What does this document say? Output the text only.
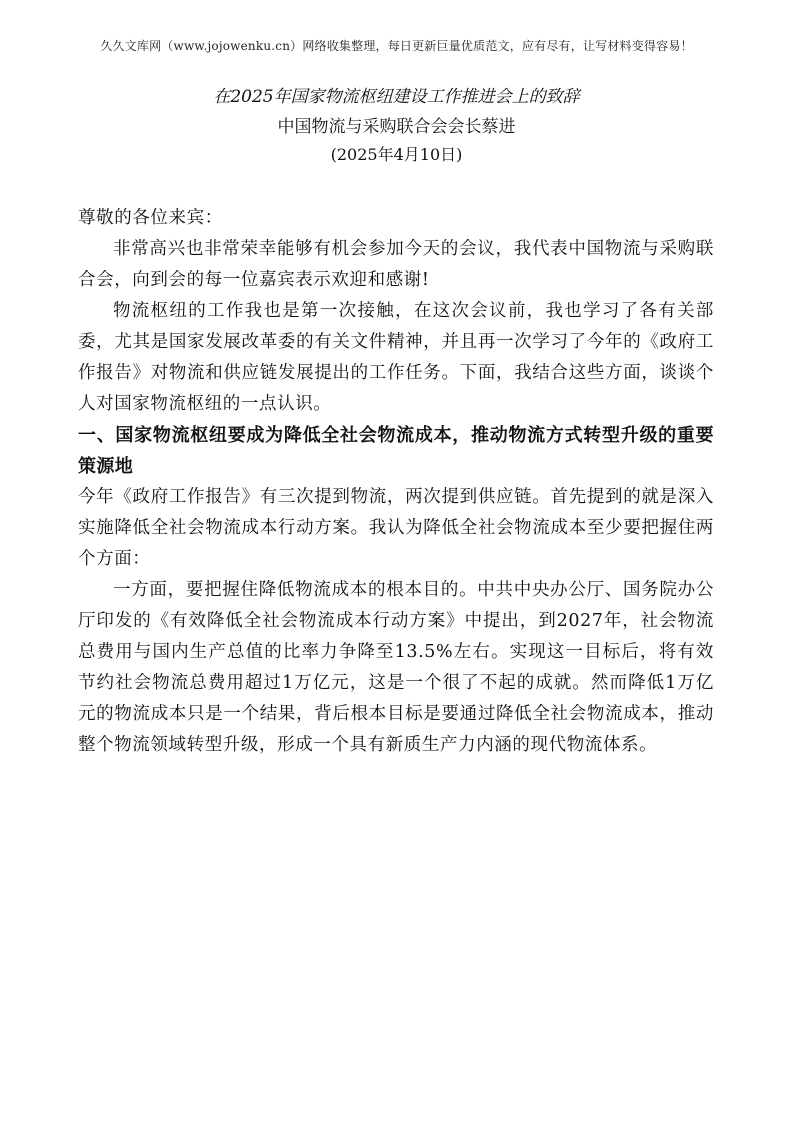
久久文库网（www.jojowenku.cn）网络收集整理，每日更新巨量优质范文，应有尽有，让写材料变得容易！
在2025年国家物流枢纽建设工作推进会上的致辞
中国物流与采购联合会会长蔡进
(2025年4月10日)

尊敬的各位来宾：

非常高兴也非常荣幸能够有机会参加今天的会议，我代表中国物流与采购联合会，向到会的每一位嘉宾表示欢迎和感谢!

物流枢纽的工作我也是第一次接触，在这次会议前，我也学习了各有关部委，尤其是国家发展改革委的有关文件精神，并且再一次学习了今年的《政府工作报告》对物流和供应链发展提出的工作任务。下面，我结合这些方面，谈谈个人对国家物流枢纽的一点认识。

一、国家物流枢纽要成为降低全社会物流成本，推动物流方式转型升级的重要策源地

今年《政府工作报告》有三次提到物流，两次提到供应链。首先提到的就是深入实施降低全社会物流成本行动方案。我认为降低全社会物流成本至少要把握住两个方面：

一方面，要把握住降低物流成本的根本目的。中共中央办公厅、国务院办公厅印发的《有效降低全社会物流成本行动方案》中提出，到2027年，社会物流总费用与国内生产总值的比率力争降至13.5%左右。实现这一目标后，将有效节约社会物流总费用超过1万亿元，这是一个很了不起的成就。然而降低1万亿元的物流成本只是一个结果，背后根本目标是要通过降低全社会物流成本，推动整个物流领域转型升级，形成一个具有新质生产力内涵的现代物流体系。
